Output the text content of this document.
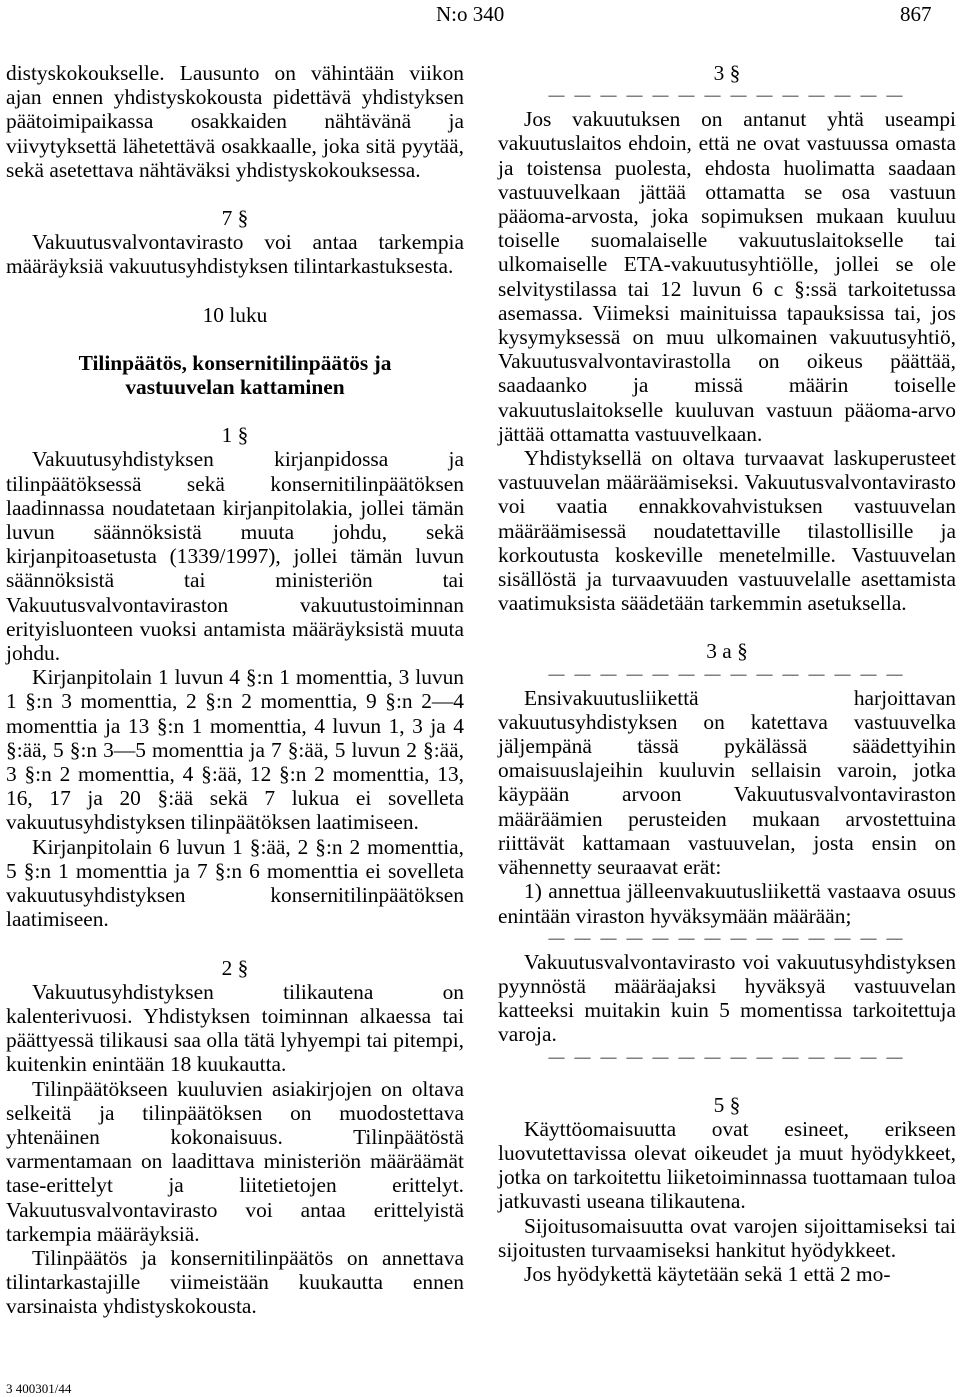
N:o 340	867

distyskokoukselle. Lausunto on vähintään viikon ajan ennen yhdistyskokousta pidettävä yhdistyksen päätoimipaikassa osakkaiden nähtävänä ja viivytyksettä lähetettävä osakkaalle, joka sitä pyytää, sekä asetettava nähtäväksi yhdistyskokouksessa.

7 §

Vakuutusvalvontavirasto voi antaa tarkempia määräyksiä vakuutusyhdistyksen tilintarkastuksesta.

10 luku

Tilinpäätös, konsernitilinpäätös ja vastuuvelan kattaminen

1 §

Vakuutusyhdistyksen kirjanpidossa ja tilinpäätöksessä sekä konsernitilinpäätöksen laadinnassa noudatetaan kirjanpitolakia, jollei tämän luvun säännöksistä muuta johdu, sekä kirjanpitoasetusta (1339/1997), jollei tämän luvun säännöksistä tai ministeriön tai Vakuutusvalvontaviraston vakuutustoiminnan erityisluonteen vuoksi antamista määräyksistä muuta johdu.

Kirjanpitolain 1 luvun 4 §:n 1 momenttia, 3 luvun 1 §:n 3 momenttia, 2 §:n 2 momenttia, 9 §:n 2—4 momenttia ja 13 §:n 1 momenttia, 4 luvun 1, 3 ja 4 §:ää, 5 §:n 3—5 momenttia ja 7 §:ää, 5 luvun 2 §:ää, 3 §:n 2 momenttia, 4 §:ää, 12 §:n 2 momenttia, 13, 16, 17 ja 20 §:ää sekä 7 lukua ei sovelleta vakuutusyhdistyksen tilinpäätöksen laatimiseen.

Kirjanpitolain 6 luvun 1 §:ää, 2 §:n 2 momenttia, 5 §:n 1 momenttia ja 7 §:n 6 momenttia ei sovelleta vakuutusyhdistyksen konsernitilinpäätöksen laatimiseen.

2 §

Vakuutusyhdistyksen tilikautena on kalenterivuosi. Yhdistyksen toiminnan alkaessa tai päättyessä tilikausi saa olla tätä lyhyempi tai pitempi, kuitenkin enintään 18 kuukautta.

Tilinpäätökseen kuuluvien asiakirjojen on oltava selkeitä ja tilinpäätöksen on muodostettava yhtenäinen kokonaisuus. Tilinpäätöstä varmentamaan on laadittava ministeriön määräämät tase-erittelyt ja liitetietojen erittelyt. Vakuutusvalvontavirasto voi antaa erittelyistä tarkempia määräyksiä.

Tilinpäätös ja konsernitilinpäätös on annettava tilintarkastajille viimeistään kuukautta ennen varsinaista yhdistyskokousta.

3 §

— — — — — — — — — — — — — —

Jos vakuutuksen on antanut yhtä useampi vakuutuslaitos ehdoin, että ne ovat vastuussa omasta ja toistensa puolesta, ehdosta huolimatta saadaan vastuuvelkaan jättää ottamatta se osa vastuun pääoma-arvosta, joka sopimuksen mukaan kuuluu toiselle suomalaiselle vakuutuslaitokselle tai ulkomaiselle ETA-vakuutusyhtiölle, jollei se ole selvitystilassa tai 12 luvun 6 c §:ssä tarkoitetussa asemassa. Viimeksi mainituissa tapauksissa tai, jos kysymyksessä on muu ulkomainen vakuutusyhtiö, Vakuutusvalvontavirastolla on oikeus päättää, saadaanko ja missä määrin toiselle vakuutuslaitokselle kuuluvan vastuun pääoma-arvo jättää ottamatta vastuuvelkaan.

Yhdistyksellä on oltava turvaavat laskuperusteet vastuuvelan määräämiseksi. Vakuutusvalvontavirasto voi vaatia ennakkovahvistuksen vastuuvelan määräämisessä noudatettaville tilastollisille ja korkoutusta koskeville menetelmille. Vastuuvelan sisällöstä ja turvaavuuden vastuuvelalle asettamista vaatimuksista säädetään tarkemmin asetuksella.

3 a §

— — — — — — — — — — — — — —

Ensivakuutusliikettä harjoittavan vakuutusyhdistyksen on katettava vastuuvelka jäljempänä tässä pykälässä säädettyihin omaisuuslajeihin kuuluvin sellaisin varoin, jotka käypään arvoon Vakuutusvalvontaviraston määräämien perusteiden mukaan arvostettuina riittävät kattamaan vastuuvelan, josta ensin on vähennetty seuraavat erät:

1) annettua jälleenvakuutusliikettä vastaava osuus enintään viraston hyväksymään määrään;

— — — — — — — — — — — — — —

Vakuutusvalvontavirasto voi vakuutusyhdistyksen pyynnöstä määräajaksi hyväksyä vastuuvelan katteeksi muitakin kuin 5 momentissa tarkoitettuja varoja.

— — — — — — — — — — — — — —

5 §

Käyttöomaisuutta ovat esineet, erikseen luovutettavissa olevat oikeudet ja muut hyödykkeet, jotka on tarkoitettu liiketoiminnassa tuottamaan tuloa jatkuvasti useana tilikautena.

Sijoitusomaisuutta ovat varojen sijoittamiseksi tai sijoitusten turvaamiseksi hankitut hyödykkeet.

Jos hyödykettä käytetään sekä 1 että 2 mo-

3 400301/44
